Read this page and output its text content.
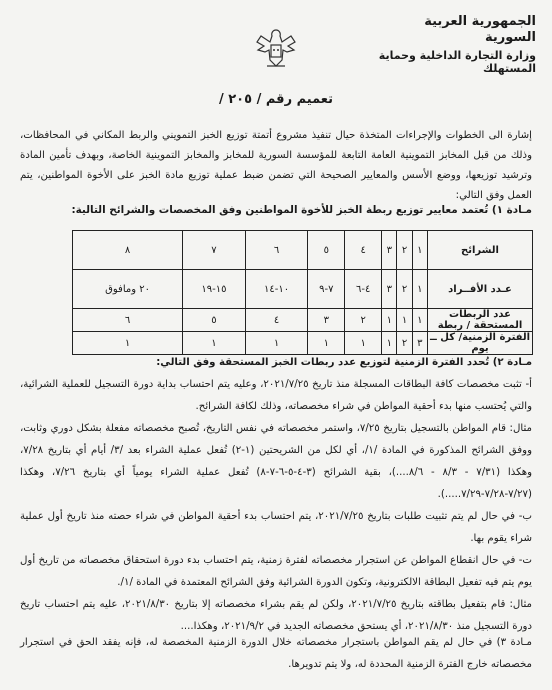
الجمهورية العربية السورية
وزارة التجارة الداخلية وحماية المستهلك
تعميم رقم / ٢٠٥ /
إشارة الى الخطوات والإجراءات المتخذة حيال تنفيذ مشروع أتمتة توزيع الخبز التمويني والربط المكاني في المحافظات، وذلك من قبل المخابز التموينية العامة التابعة للمؤسسة السورية للمخابز والمخابز التموينية الخاصة، وبهدف تأمين المادة وترشيد توزيعها، ووضع الأسس والمعايير الصحيحة التي تضمن ضبط عملية توزيع مادة الخبز على الأخوة المواطنين، يتم العمل وفق التالي:
مـادة ١) تُعتمد معايير توزيع ربطة الخبز للأخوة المواطنين وفق المخصصات والشرائح التالية:
الشرائح	١	٢	٣	٤	٥	٦	٧	٨
عـدد الأفــراد	١	٢	٣	٤-٦	٧-٩	١٠-١٤	١٥-١٩	٢٠ ومافوق
عدد الربطات المستحقة / ربطة	١	١	١	٢	٣	٤	٥	٦
الفترة الزمنية/ كل ــ يوم	٣	٢	١	١	١	١	١	١
مـادة ٢) تُحدد الفترة الزمنية لتوزيع عدد ربطات الخبز المستحقة وفق التالي:
أ- تثبت مخصصات كافة البطاقات المسجلة منذ تاريخ ٢٠٢١/٧/٢٥، وعليه يتم احتساب بداية دورة التسجيل للعملية الشرائية، والتي يُحتسب منها بدء أحقية المواطن في شراء مخصصاته، وذلك لكافة الشرائح.
مثال: قام المواطن بالتسجيل بتاريخ ٧/٢٥، واستمر مخصصاته في نفس التاريخ، تُصبح مخصصاته مفعلة بشكل دوري وثابت، ووفق الشرائح المذكورة في المادة /١/، أي لكل من الشريحتين (١-٢) تُفعل عملية الشراء بعد /٣/ أيام أي بتاريخ ٧/٢٨، وهكذا (٧/٣١ - ٨/٣ - ٨/٦....)، بقية الشرائح (٣-٤-٥-٦-٧-٨) تُفعل عملية الشراء يومياً أي بتاريخ ٧/٢٦، وهكذا (٧/٢٧-٧/٢٨-٧/٢٩.....).
ب- في حال لم يتم تثبيت طلبات بتاريخ ٢٠٢١/٧/٢٥، يتم احتساب بدء أحقية المواطن في شراء حصته منذ تاريخ أول عملية شراء يقوم بها.
ت- في حال انقطاع المواطن عن استجرار مخصصاته لفترة زمنية، يتم احتساب بدء دورة استحقاق مخصصاته من تاريخ أول يوم يتم فيه تفعيل البطاقة الالكترونية، وتكون الدورة الشرائية وفق الشرائح المعتمدة في المادة /١/.
مثال: قام بتفعيل بطاقته بتاريخ ٢٠٢١/٧/٢٥، ولكن لم يقم بشراء مخصصاته إلا بتاريخ ٢٠٢١/٨/٣٠، عليه يتم احتساب تاريخ دورة التسجيل منذ ٢٠٢١/٨/٣٠، أي يستحق مخصصاته الجديد في ٢٠٢١/٩/٢، وهكذا....
مـادة ٣) في حال لم يقم المواطن باستجرار مخصصاته خلال الدورة الزمنية المخصصة له، فإنه يفقد الحق في استجرار مخصصاته خارج الفترة الزمنية المحددة له، ولا يتم تدويرها.
